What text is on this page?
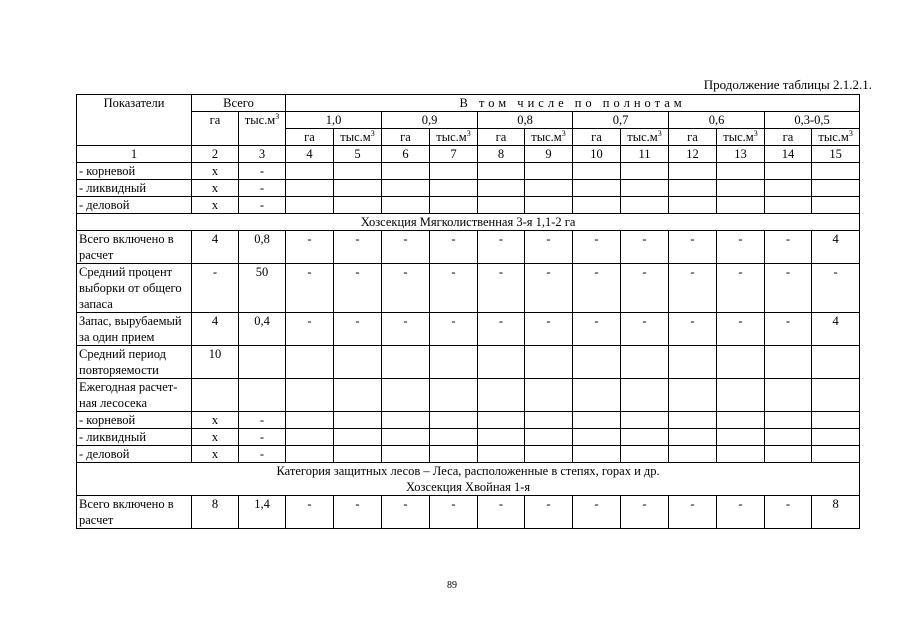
Продолжение таблицы 2.1.2.1.
Показатели	Всего		В том числе по полнотам											
	га	$тыс.м^3$	1,0		0,9		0,8		0,7		0,6		0,3-0,5	
			га	$тыс.м^3$	га	$тыс.м^3$	га	$тыс.м^3$	га	$тыс.м^3$	га	$тыс.м^3$	га	$тыс.м^3$
1	2	3	4	5	6	7	8	9	10	11	12	13	14	15
- корневой	x	-												
- ликвидный	x	-												
- деловой	x	-												

Хозсекция Мягколиственная 3-я 1,1-2 га														

Всего включено в расчет	4	0,8	-	-	-	-	-	-	-	-	-	-	-	4
Средний процент выборки от общего запаса	-	50	-	-	-	-	-	-	-	-	-	-	-	-
Запас, вырубаемый за один прием	4	0,4	-	-	-	-	-	-	-	-	-	-	-	4
Средний период повторяемости	10													
Ежегодная расчет-ная лесосека														
- корневой	x	-												
- ликвидный	x	-												
- деловой	x	-												

Категория защитных лесов – Леса, расположенные в степях, горах и др.
Хозсекция Хвойная 1-я														

Всего включено в расчет	8	1,4	-	-	-	-	-	-	-	-	-	-	-	8
89
